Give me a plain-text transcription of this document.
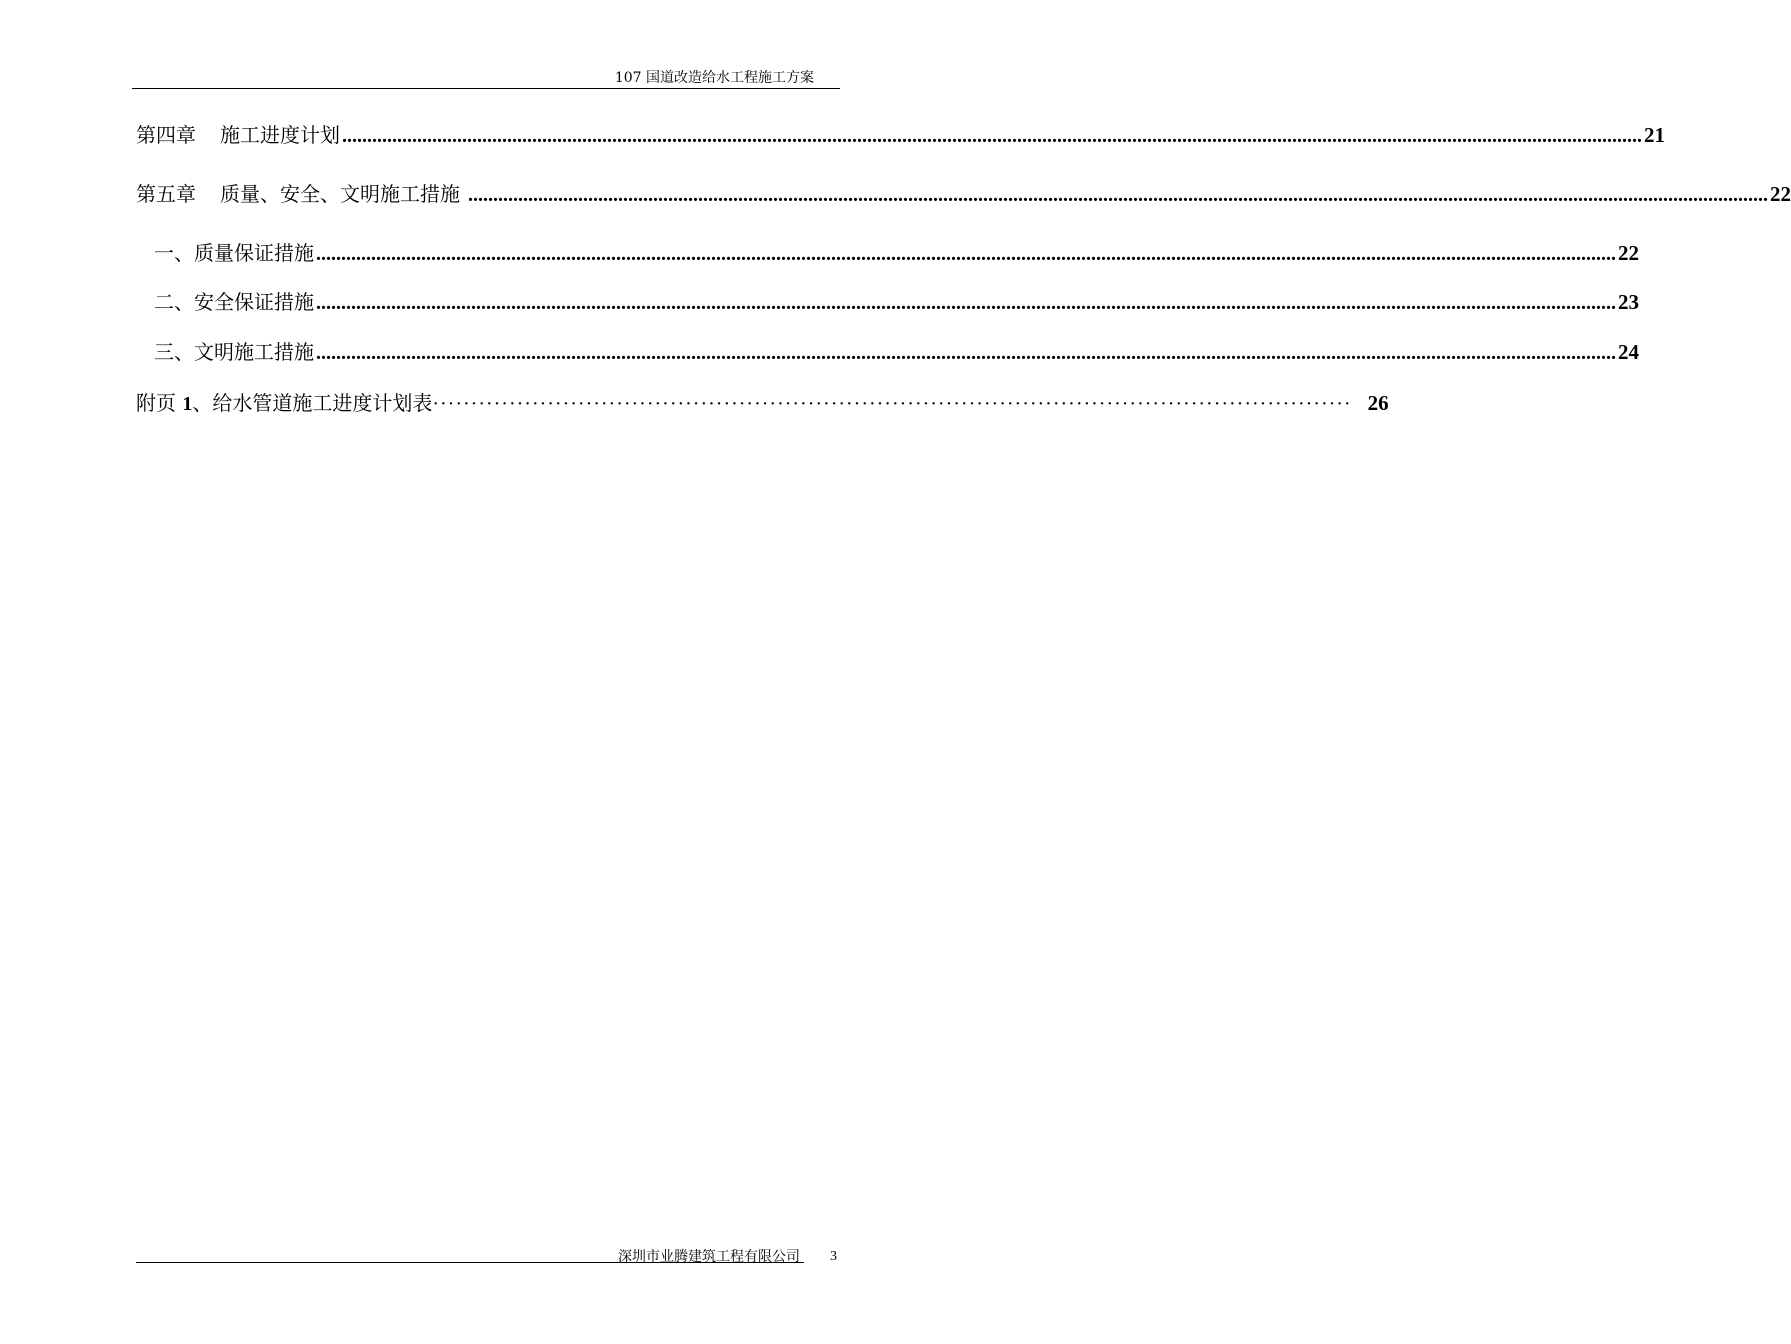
107 国道改造给水工程施工方案
第四章 施工进度计划 .................................................................................................................................................................................................................................................................... 21
第五章 质量、安全、文明施工措施 .................................................................................................................................................................................................................................................................... 22
一、质量保证措施 .................................................................................................................................................................................................................................................................... 22
二、安全保证措施 .................................................................................................................................................................................................................................................................... 23
三、文明施工措施 .................................................................................................................................................................................................................................................................... 24
附页 1、给水管道施工进度计划表 ························································································································ 26
深圳市业腾建筑工程有限公司 3
